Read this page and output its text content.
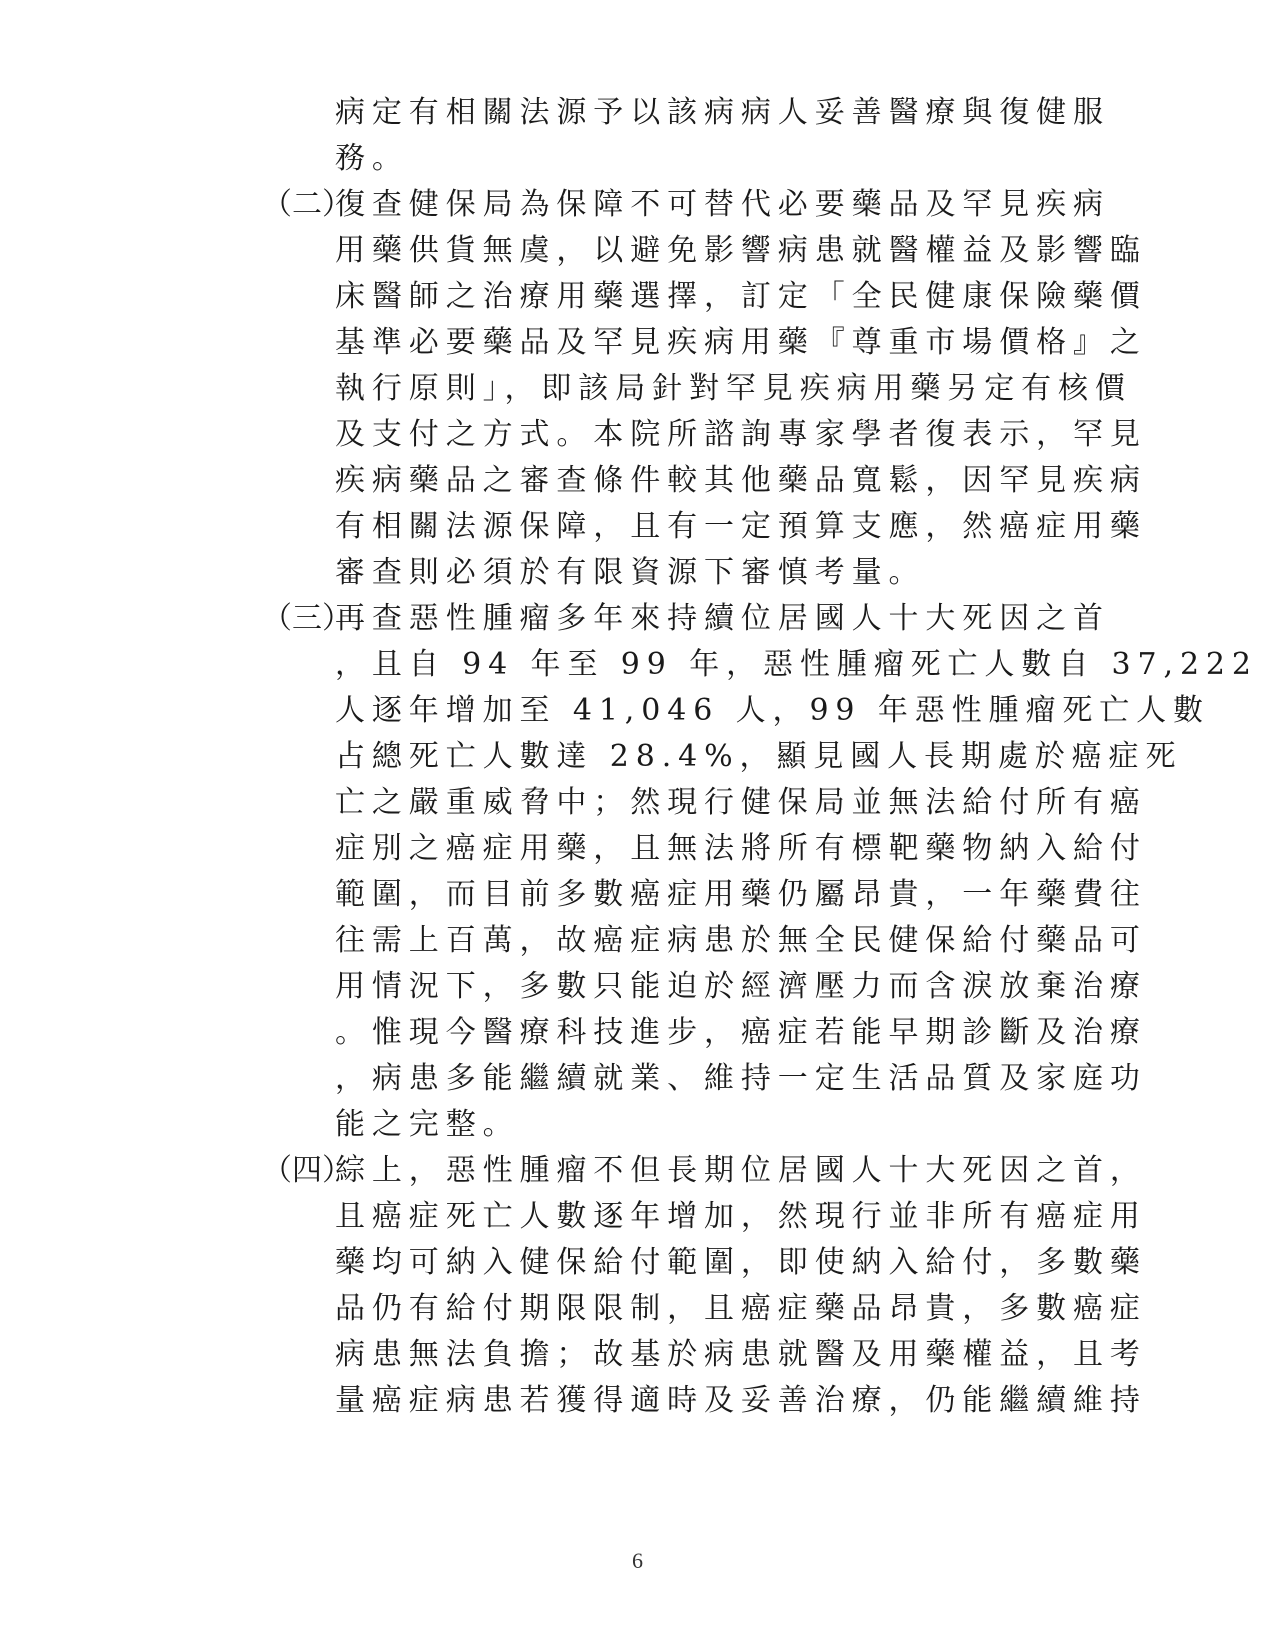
病定有相關法源予以該病病人妥善醫療與復健服
務。
（二）
復查健保局為保障不可替代必要藥品及罕見疾病
用藥供貨無虞，以避免影響病患就醫權益及影響臨
床醫師之治療用藥選擇，訂定「全民健康保險藥價
基準必要藥品及罕見疾病用藥『尊重市場價格』之
執行原則」，即該局針對罕見疾病用藥另定有核價
及支付之方式。本院所諮詢專家學者復表示，罕見
疾病藥品之審查條件較其他藥品寬鬆，因罕見疾病
有相關法源保障，且有一定預算支應，然癌症用藥
審查則必須於有限資源下審慎考量。
（三）
再查惡性腫瘤多年來持續位居國人十大死因之首
，且自 94 年至 99 年，惡性腫瘤死亡人數自 37,222
人逐年增加至 41,046 人，99 年惡性腫瘤死亡人數
占總死亡人數達 28.4%，顯見國人長期處於癌症死
亡之嚴重威脅中；然現行健保局並無法給付所有癌
症別之癌症用藥，且無法將所有標靶藥物納入給付
範圍，而目前多數癌症用藥仍屬昂貴，一年藥費往
往需上百萬，故癌症病患於無全民健保給付藥品可
用情況下，多數只能迫於經濟壓力而含淚放棄治療
。惟現今醫療科技進步，癌症若能早期診斷及治療
，病患多能繼續就業、維持一定生活品質及家庭功
能之完整。
（四）
綜上，惡性腫瘤不但長期位居國人十大死因之首，
且癌症死亡人數逐年增加，然現行並非所有癌症用
藥均可納入健保給付範圍，即使納入給付，多數藥
品仍有給付期限限制，且癌症藥品昂貴，多數癌症
病患無法負擔；故基於病患就醫及用藥權益，且考
量癌症病患若獲得適時及妥善治療，仍能繼續維持
6
